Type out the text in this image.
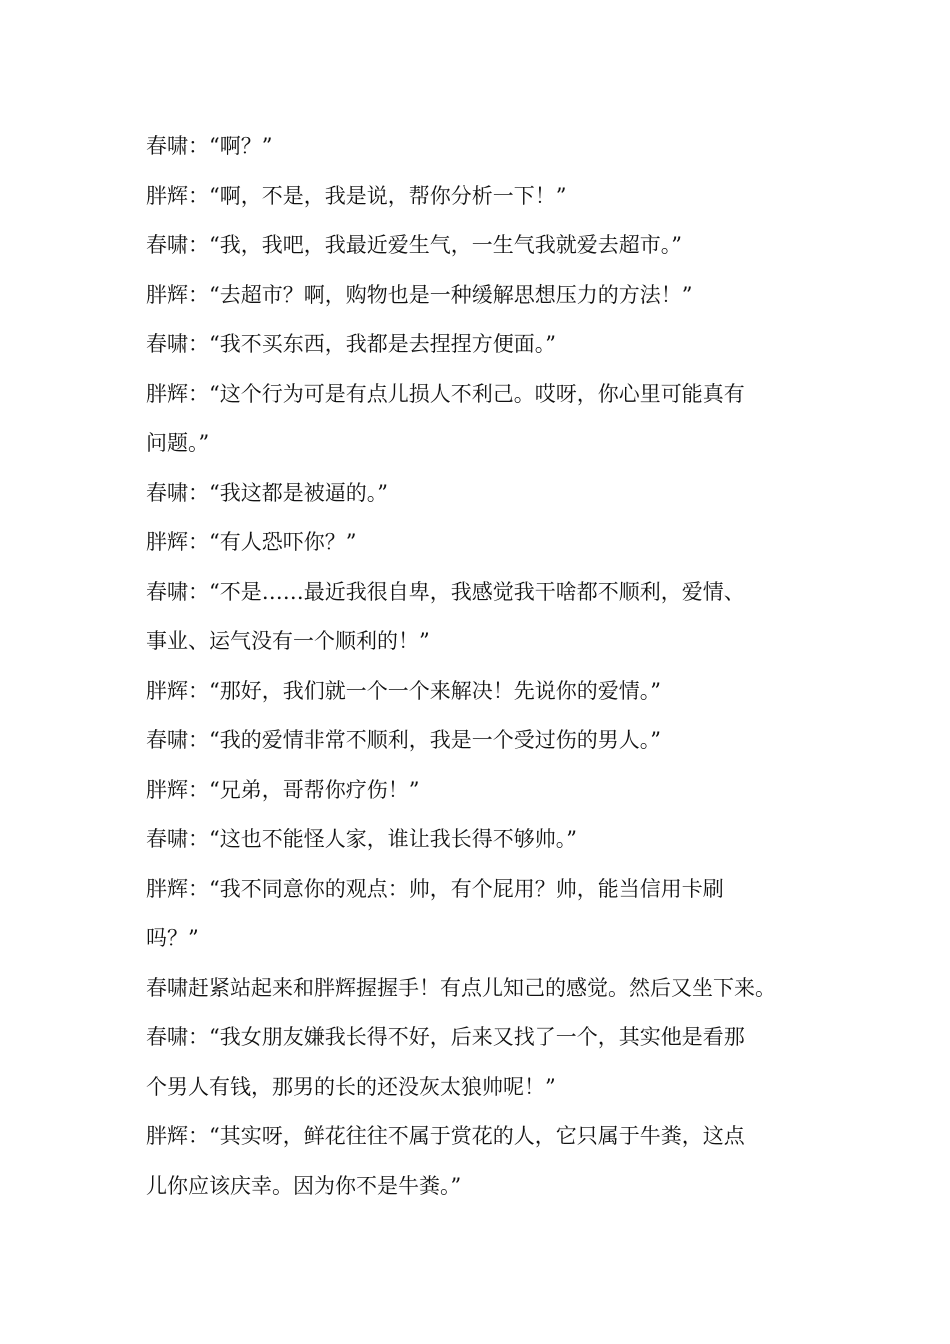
春啸：“啊？”
胖辉：“啊，不是，我是说，帮你分析一下！”
春啸：“我，我吧，我最近爱生气，一生气我就爱去超市。”
胖辉：“去超市？啊，购物也是一种缓解思想压力的方法！”
春啸：“我不买东西，我都是去捏捏方便面。”
胖辉：“这个行为可是有点儿损人不利己。哎呀，你心里可能真有
问题。”
春啸：“我这都是被逼的。”
胖辉：“有人恐吓你？”
春啸：“不是……最近我很自卑，我感觉我干啥都不顺利，爱情、
事业、运气没有一个顺利的！”
胖辉：“那好，我们就一个一个来解决！先说你的爱情。”
春啸：“我的爱情非常不顺利，我是一个受过伤的男人。”
胖辉：“兄弟，哥帮你疗伤！”
春啸：“这也不能怪人家，谁让我长得不够帅。”
胖辉：“我不同意你的观点：帅，有个屁用？帅，能当信用卡刷
吗？”
春啸赶紧站起来和胖辉握握手！有点儿知己的感觉。然后又坐下来。
春啸：“我女朋友嫌我长得不好，后来又找了一个，其实他是看那
个男人有钱，那男的长的还没灰太狼帅呢！”
胖辉：“其实呀，鲜花往往不属于赏花的人，它只属于牛粪，这点
儿你应该庆幸。因为你不是牛粪。”
